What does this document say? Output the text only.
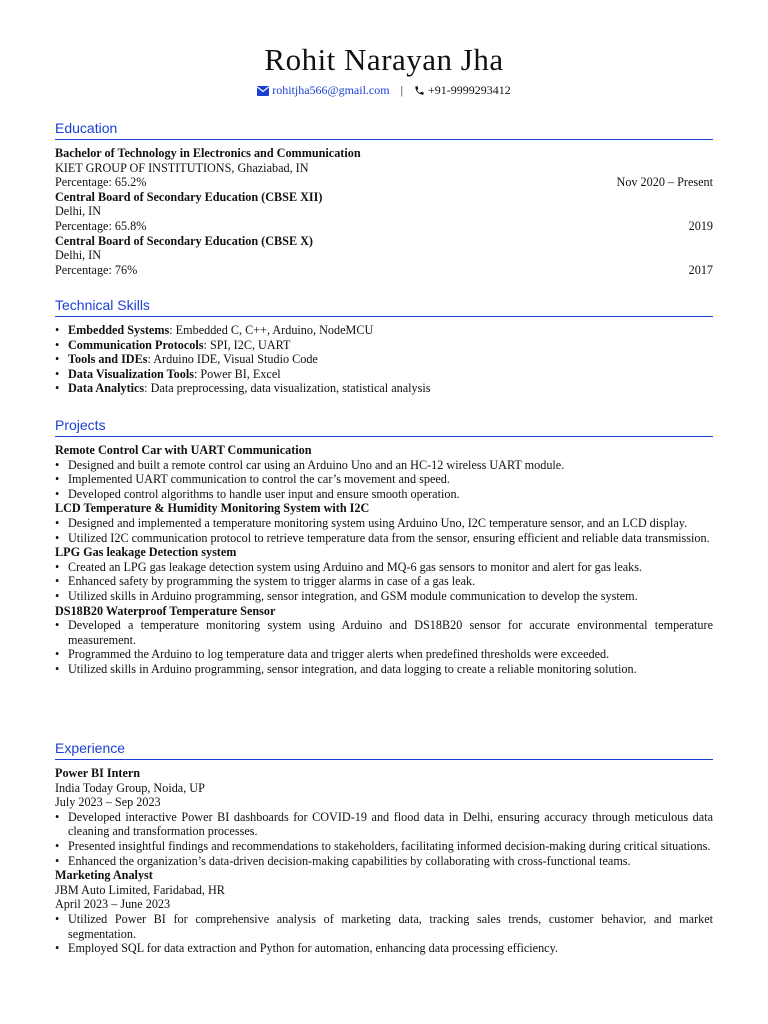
Rohit Narayan Jha
rohitjha566@gmail.com | +91-9999293412
Education
Bachelor of Technology in Electronics and Communication
KIET GROUP OF INSTITUTIONS, Ghaziabad, IN
Percentage: 65.2%	Nov 2020 – Present
Central Board of Secondary Education (CBSE XII)
Delhi, IN
Percentage: 65.8%	2019
Central Board of Secondary Education (CBSE X)
Delhi, IN
Percentage: 76%	2017
Technical Skills
• Embedded Systems: Embedded C, C++, Arduino, NodeMCU
• Communication Protocols: SPI, I2C, UART
• Tools and IDEs: Arduino IDE, Visual Studio Code
• Data Visualization Tools: Power BI, Excel
• Data Analytics: Data preprocessing, data visualization, statistical analysis
Projects
Remote Control Car with UART Communication
• Designed and built a remote control car using an Arduino Uno and an HC-12 wireless UART module.
• Implemented UART communication to control the car’s movement and speed.
• Developed control algorithms to handle user input and ensure smooth operation.
LCD Temperature & Humidity Monitoring System with I2C
• Designed and implemented a temperature monitoring system using Arduino Uno, I2C temperature sensor, and an LCD display.
• Utilized I2C communication protocol to retrieve temperature data from the sensor, ensuring efficient and reliable data transmission.
LPG Gas leakage Detection system
• Created an LPG gas leakage detection system using Arduino and MQ-6 gas sensors to monitor and alert for gas leaks.
• Enhanced safety by programming the system to trigger alarms in case of a gas leak.
• Utilized skills in Arduino programming, sensor integration, and GSM module communication to develop the system.
DS18B20 Waterproof Temperature Sensor
• Developed a temperature monitoring system using Arduino and DS18B20 sensor for accurate environmental temperature measurement.
• Programmed the Arduino to log temperature data and trigger alerts when predefined thresholds were exceeded.
• Utilized skills in Arduino programming, sensor integration, and data logging to create a reliable monitoring solution.
Experience
Power BI Intern
India Today Group, Noida, UP
July 2023 – Sep 2023
• Developed interactive Power BI dashboards for COVID-19 and flood data in Delhi, ensuring accuracy through meticulous data cleaning and transformation processes.
• Presented insightful findings and recommendations to stakeholders, facilitating informed decision-making during critical situations.
• Enhanced the organization’s data-driven decision-making capabilities by collaborating with cross-functional teams.
Marketing Analyst
JBM Auto Limited, Faridabad, HR
April 2023 – June 2023
• Utilized Power BI for comprehensive analysis of marketing data, tracking sales trends, customer behavior, and market segmentation.
• Employed SQL for data extraction and Python for automation, enhancing data processing efficiency.
